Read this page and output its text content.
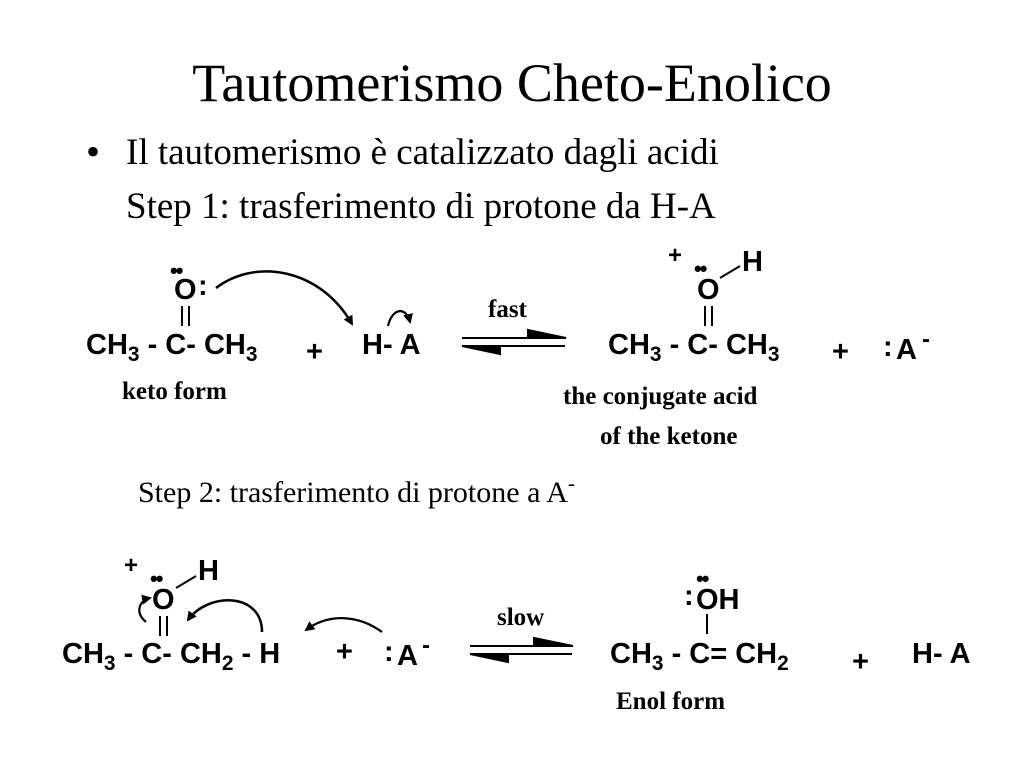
Tautomerismo Cheto-Enolico
• Il tautomerismo è catalizzato dagli acidi
Step 1: trasferimento di protone da H-A
••
O :
$CH_3 - C-$ $CH_3 + H-$ A
fast
+ ••
O
H
$CH_3 - C-$ $CH_3$ + : A -
keto form	the conjugate acid
of the ketone
Step 2: trasferimento di protone a A-
+ ••
O
H
$CH_3 - C-$ $CH_2$ - H + : A -
slow
••
: OH
$CH_3 - C= CH_2 + H-$ A
Enol form
